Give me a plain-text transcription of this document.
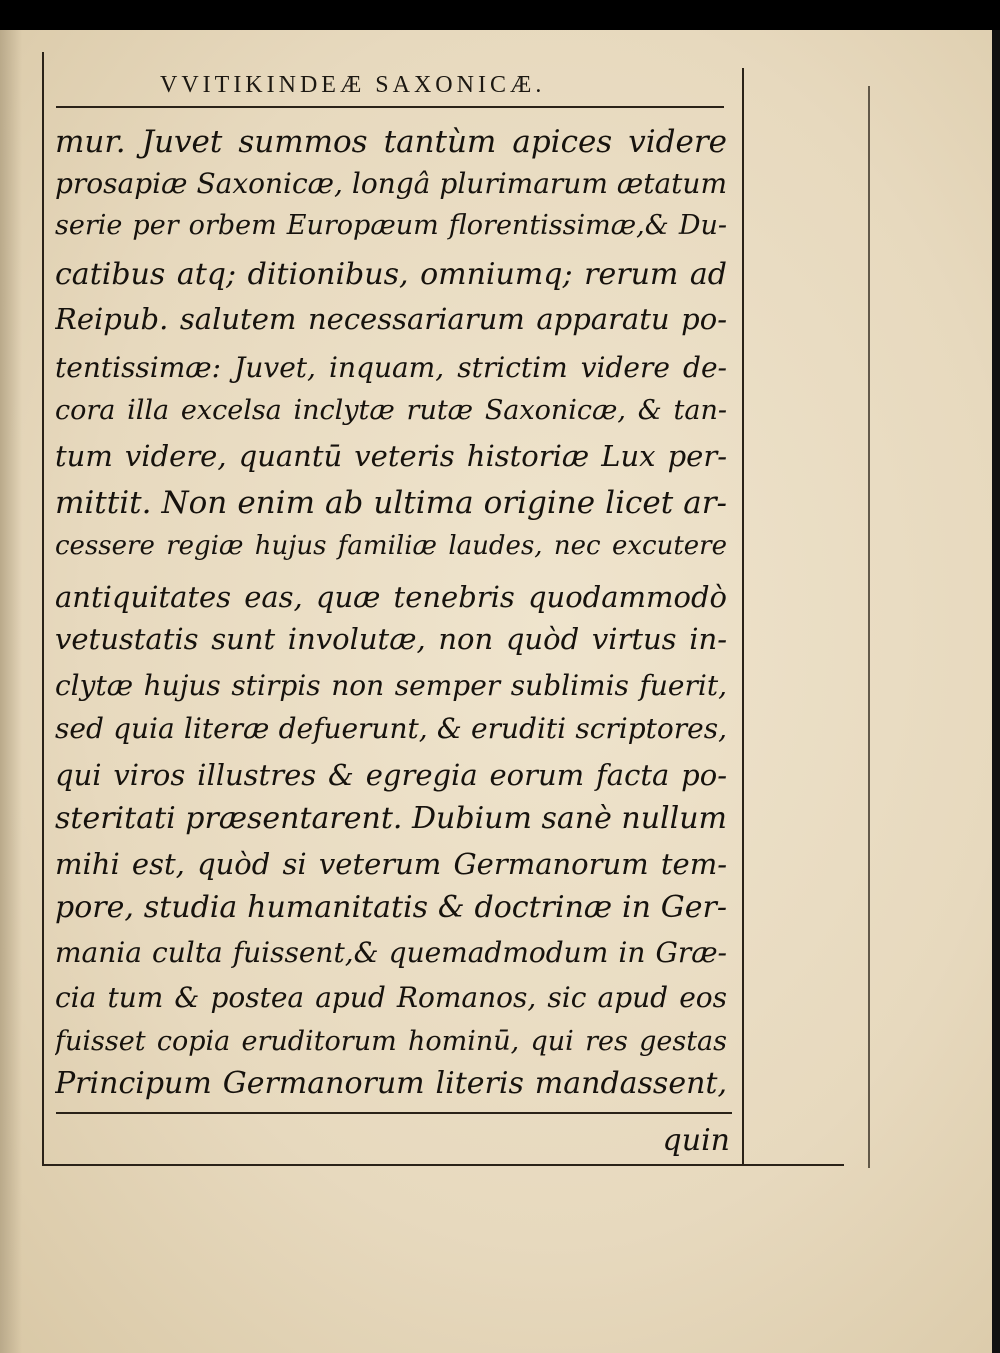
VVITIKINDEÆ SAXONICÆ.
mur. Juvet summos tantùm apices videre
prosapiæ Saxonicæ, longâ plurimarum ætatum
serie per orbem Europæum florentissimæ,& Du-
catibus atq; ditionibus, omniumq; rerum ad
Reipub. salutem necessariarum apparatu po-
tentissimæ: Juvet, inquam, strictim videre de-
cora illa excelsa inclytæ rutæ Saxonicæ, & tan-
tum videre, quantū veteris historiæ Lux per-
mittit. Non enim ab ultima origine licet ar-
cessere regiæ hujus familiæ laudes, nec excutere
antiquitates eas, quæ tenebris quodammodò
vetustatis sunt involutæ, non quòd virtus in-
clytæ hujus stirpis non semper sublimis fuerit,
sed quia literæ defuerunt, & eruditi scriptores,
qui viros illustres & egregia eorum facta po-
steritati præsentarent. Dubium sanè nullum
mihi est, quòd si veterum Germanorum tem-
pore, studia humanitatis & doctrinæ in Ger-
mania culta fuissent,& quemadmodum in Græ-
cia tum & postea apud Romanos, sic apud eos
fuisset copia eruditorum hominū, qui res gestas
Principum Germanorum literis mandassent,
quin
